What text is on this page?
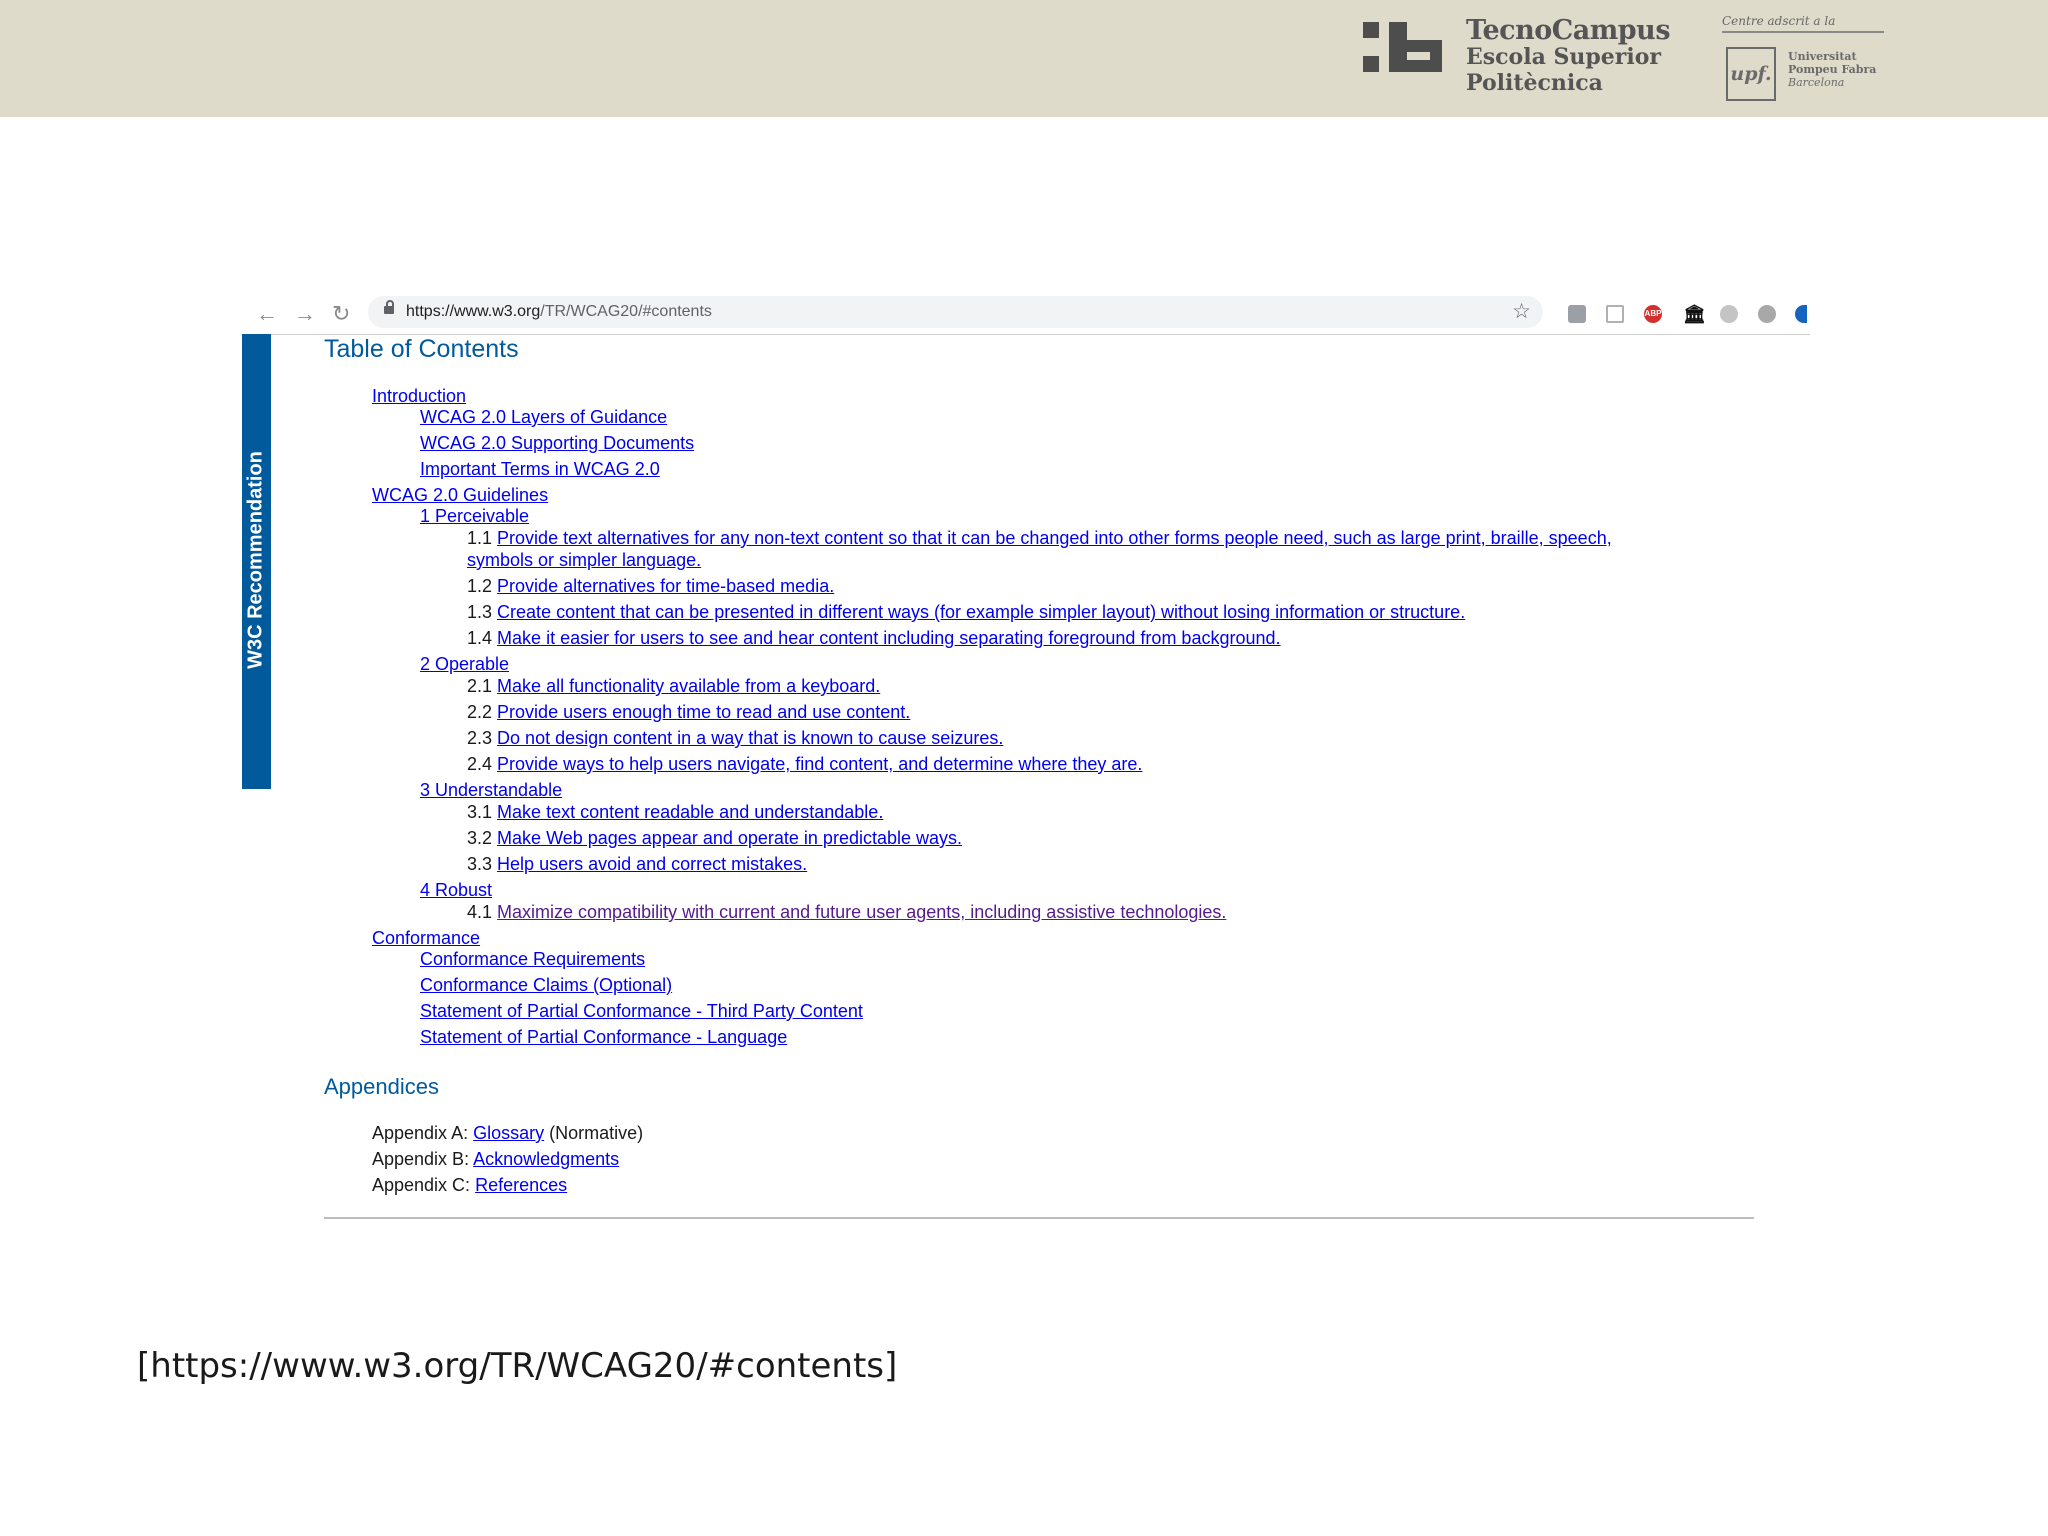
TecnoCampus
Escola Superior
Politècnica
Centre adscrit a la
upf.
Universitat
Pompeu Fabra
Barcelona
← → ↻	https://www.w3.org/TR/WCAG20/#contents	☆	ABP 🏛
W3C Recommendation
Table of Contents
Introduction
WCAG 2.0 Layers of Guidance
WCAG 2.0 Supporting Documents
Important Terms in WCAG 2.0
WCAG 2.0 Guidelines
1 Perceivable
1.1 Provide text alternatives for any non-text content so that it can be changed into other forms people need, such as large print, braille, speech,
symbols or simpler language.
1.2 Provide alternatives for time-based media.
1.3 Create content that can be presented in different ways (for example simpler layout) without losing information or structure.
1.4 Make it easier for users to see and hear content including separating foreground from background.
2 Operable
2.1 Make all functionality available from a keyboard.
2.2 Provide users enough time to read and use content.
2.3 Do not design content in a way that is known to cause seizures.
2.4 Provide ways to help users navigate, find content, and determine where they are.
3 Understandable
3.1 Make text content readable and understandable.
3.2 Make Web pages appear and operate in predictable ways.
3.3 Help users avoid and correct mistakes.
4 Robust
4.1 Maximize compatibility with current and future user agents, including assistive technologies.
Conformance
Conformance Requirements
Conformance Claims (Optional)
Statement of Partial Conformance - Third Party Content
Statement of Partial Conformance - Language
Appendices
Appendix A: Glossary (Normative)
Appendix B: Acknowledgments
Appendix C: References
[https://www.w3.org/TR/WCAG20/#contents]
